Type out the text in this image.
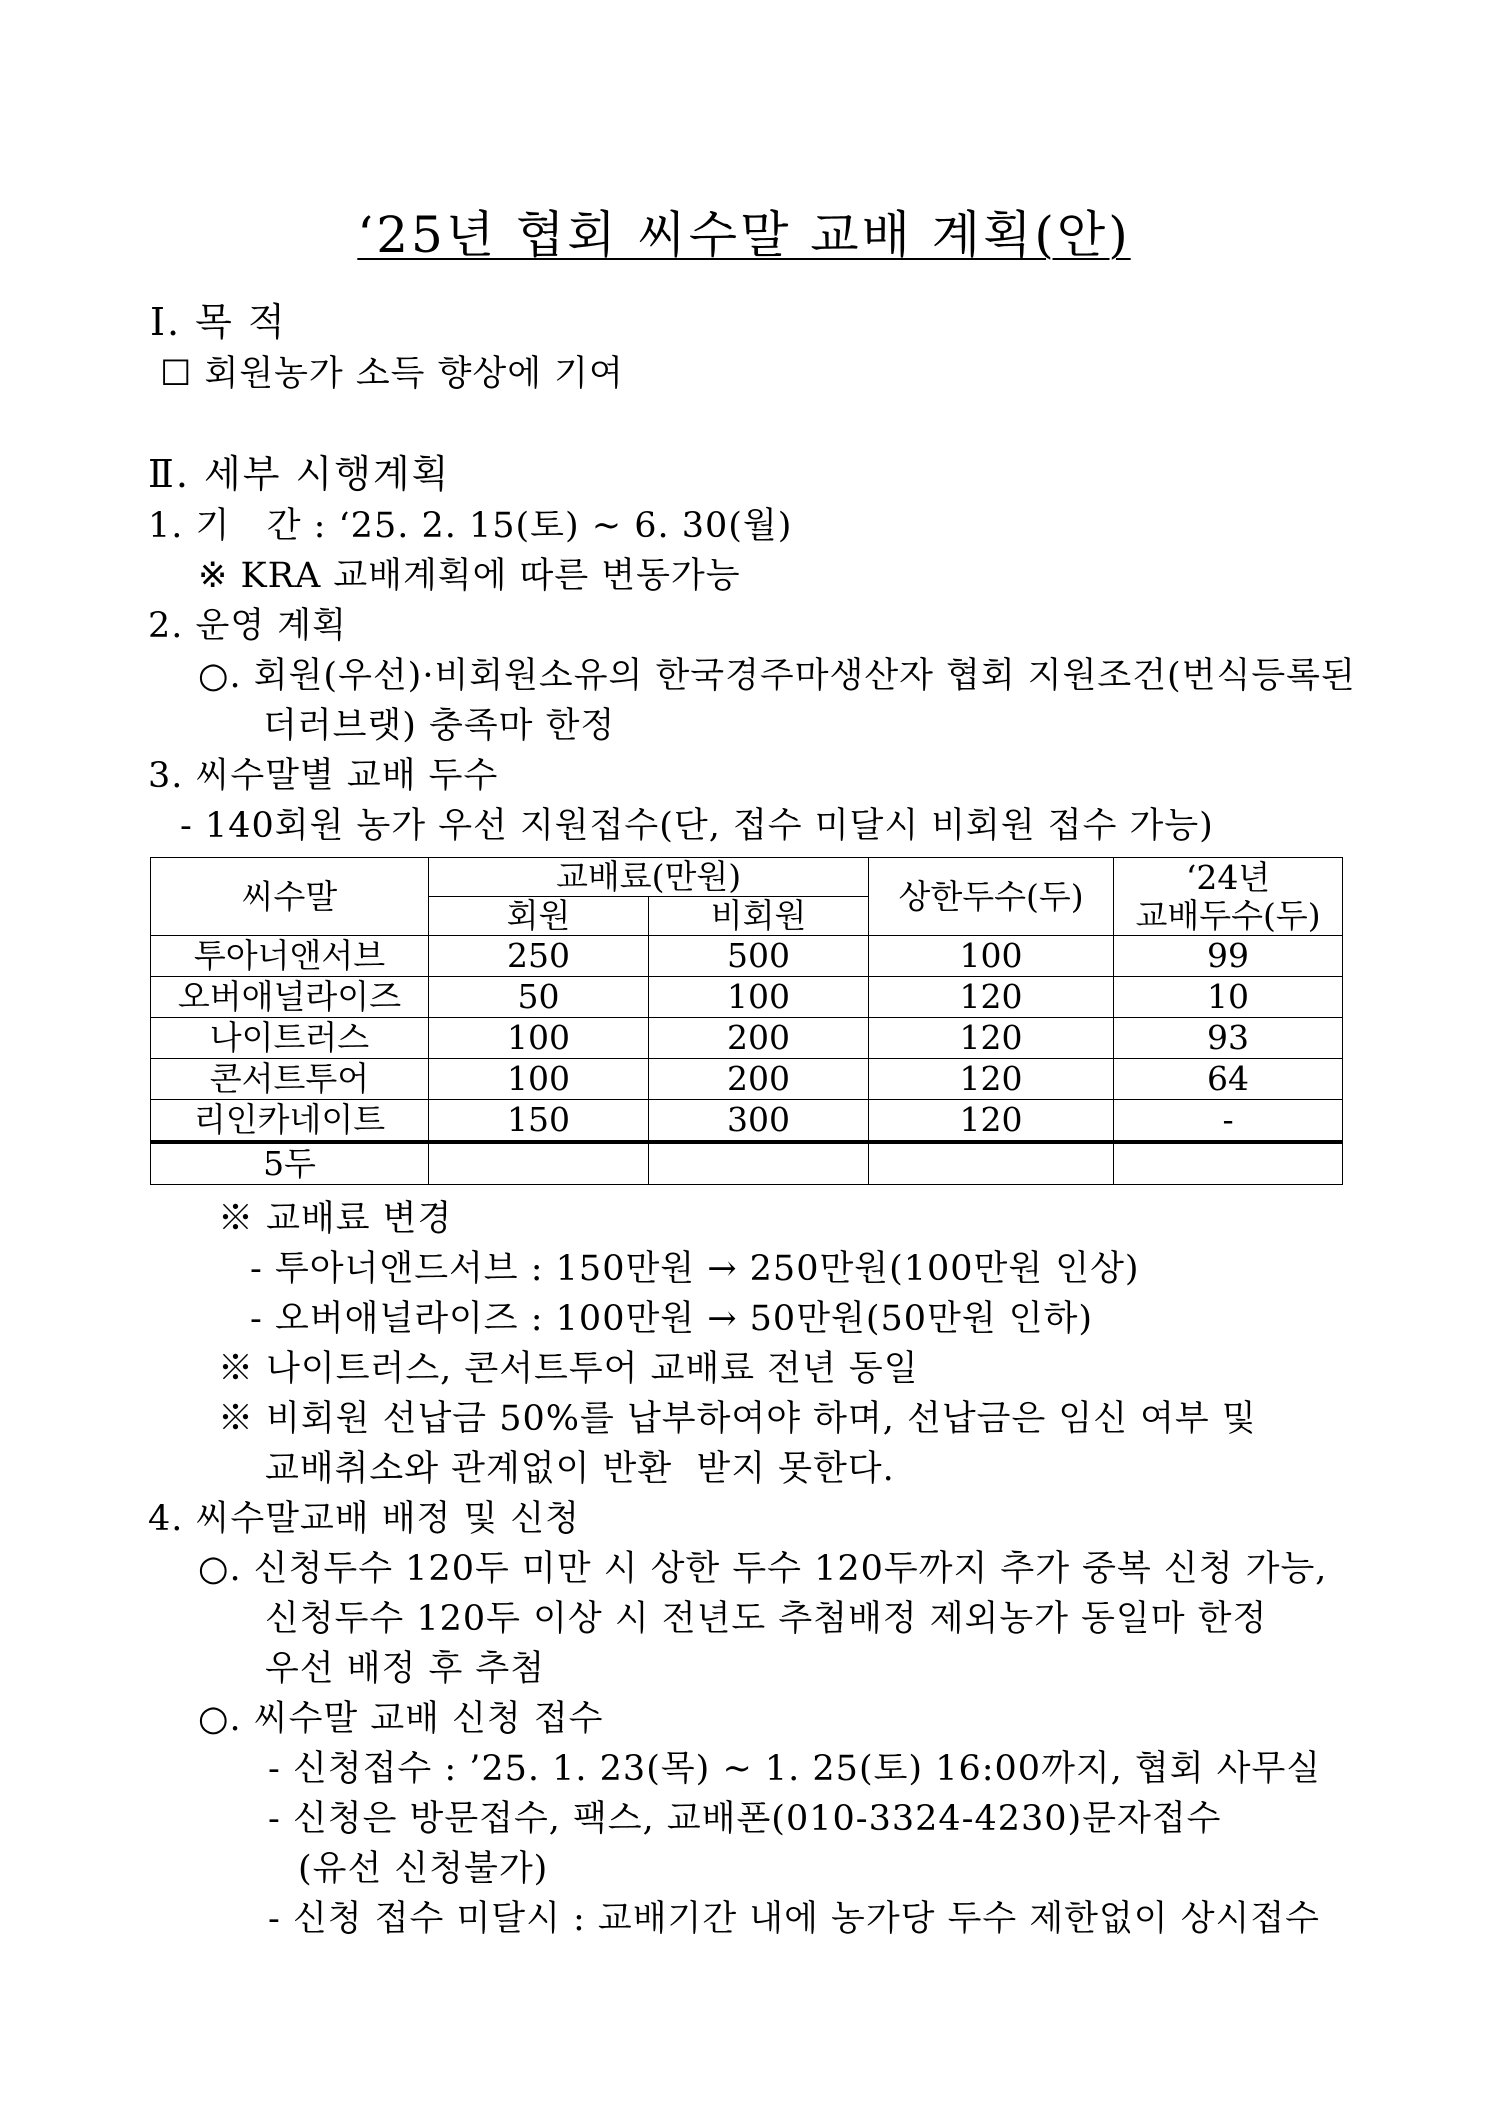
‘25년 협회 씨수말 교배 계획(안)
Ⅰ. 목 적
☐ 회원농가 소득 향상에 기여
Ⅱ. 세부 시행계획
1. 기   간 : ‘25. 2. 15(토) ~ 6. 30(월)
※ KRA 교배계획에 따른 변동가능
2. 운영 계획
○. 회원(우선)·비회원소유의 한국경주마생산자 협회 지원조건(번식등록된
더러브랫) 충족마 한정
3. 씨수말별 교배 두수
- 140회원 농가 우선 지원접수(단, 접수 미달시 비회원 접수 가능)
씨수말	교배료(만원)		상한두수(두)	‘24년
교배두수(두)

	회원	비회원		
투아너앤서브	250	500	100	99
오버애널라이즈	50	100	120	10
나이트러스	100	200	120	93
콘서트투어	100	200	120	64
리인카네이트	150	300	120	-
5두				
※ 교배료 변경
- 투아너앤드서브 : 150만원 → 250만원(100만원 인상)
- 오버애널라이즈 : 100만원 → 50만원(50만원 인하)
※ 나이트러스, 콘서트투어 교배료 전년 동일
※ 비회원 선납금 50%를 납부하여야 하며, 선납금은 임신 여부 및
교배취소와 관계없이 반환  받지 못한다.
4. 씨수말교배 배정 및 신청
○. 신청두수 120두 미만 시 상한 두수 120두까지 추가 중복 신청 가능,
신청두수 120두 이상 시 전년도 추첨배정 제외농가 동일마 한정
우선 배정 후 추첨
○. 씨수말 교배 신청 접수
- 신청접수 : ’25. 1. 23(목) ~ 1. 25(토) 16:00까지, 협회 사무실
- 신청은 방문접수, 팩스, 교배폰(010-3324-4230)문자접수
(유선 신청불가)
- 신청 접수 미달시 : 교배기간 내에 농가당 두수 제한없이 상시접수
